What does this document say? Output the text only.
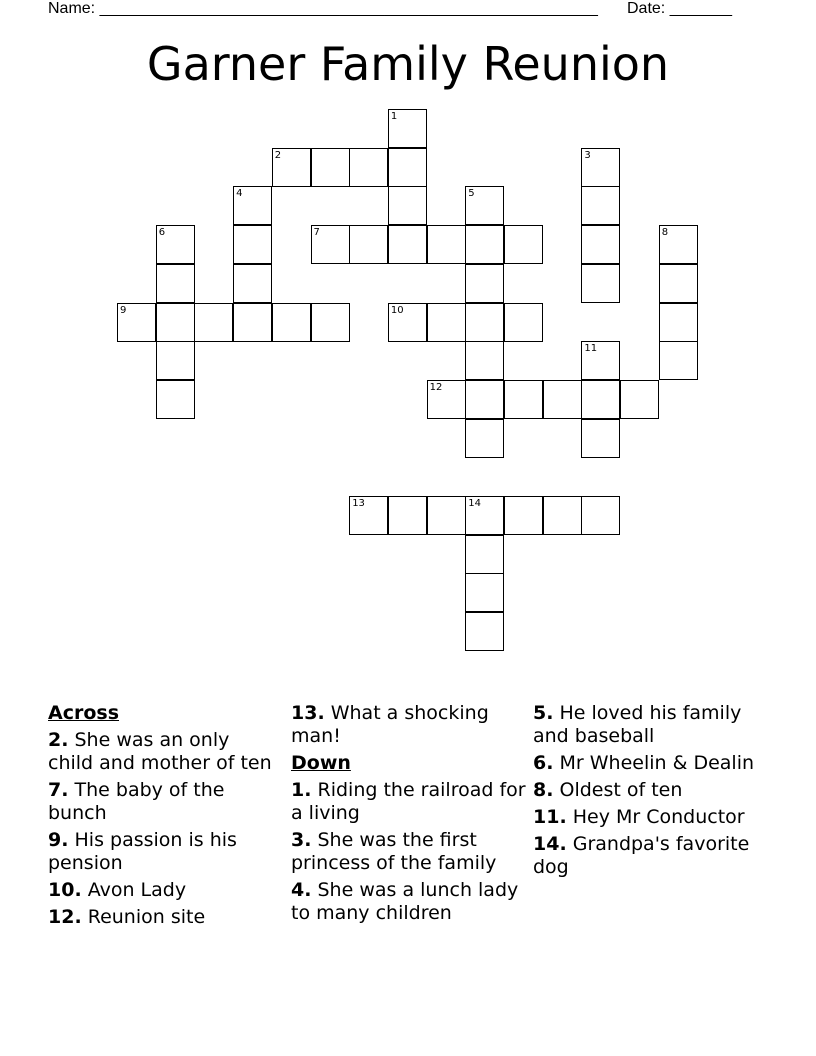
Name: ________________________________________________________ Date: _______
Garner Family Reunion
1
2	3
4	5
6	7	8
9	10
11
12
13	14
Across
2. She was an only child and mother of ten
7. The baby of the bunch
9. His passion is his pension
10. Avon Lady
12. Reunion site
13. What a shocking man!
Down
1. Riding the railroad for a living
3. She was the first princess of the family
4. She was a lunch lady to many children
5. He loved his family and baseball
6. Mr Wheelin & Dealin
8. Oldest of ten
11. Hey Mr Conductor
14. Grandpa's favorite dog
